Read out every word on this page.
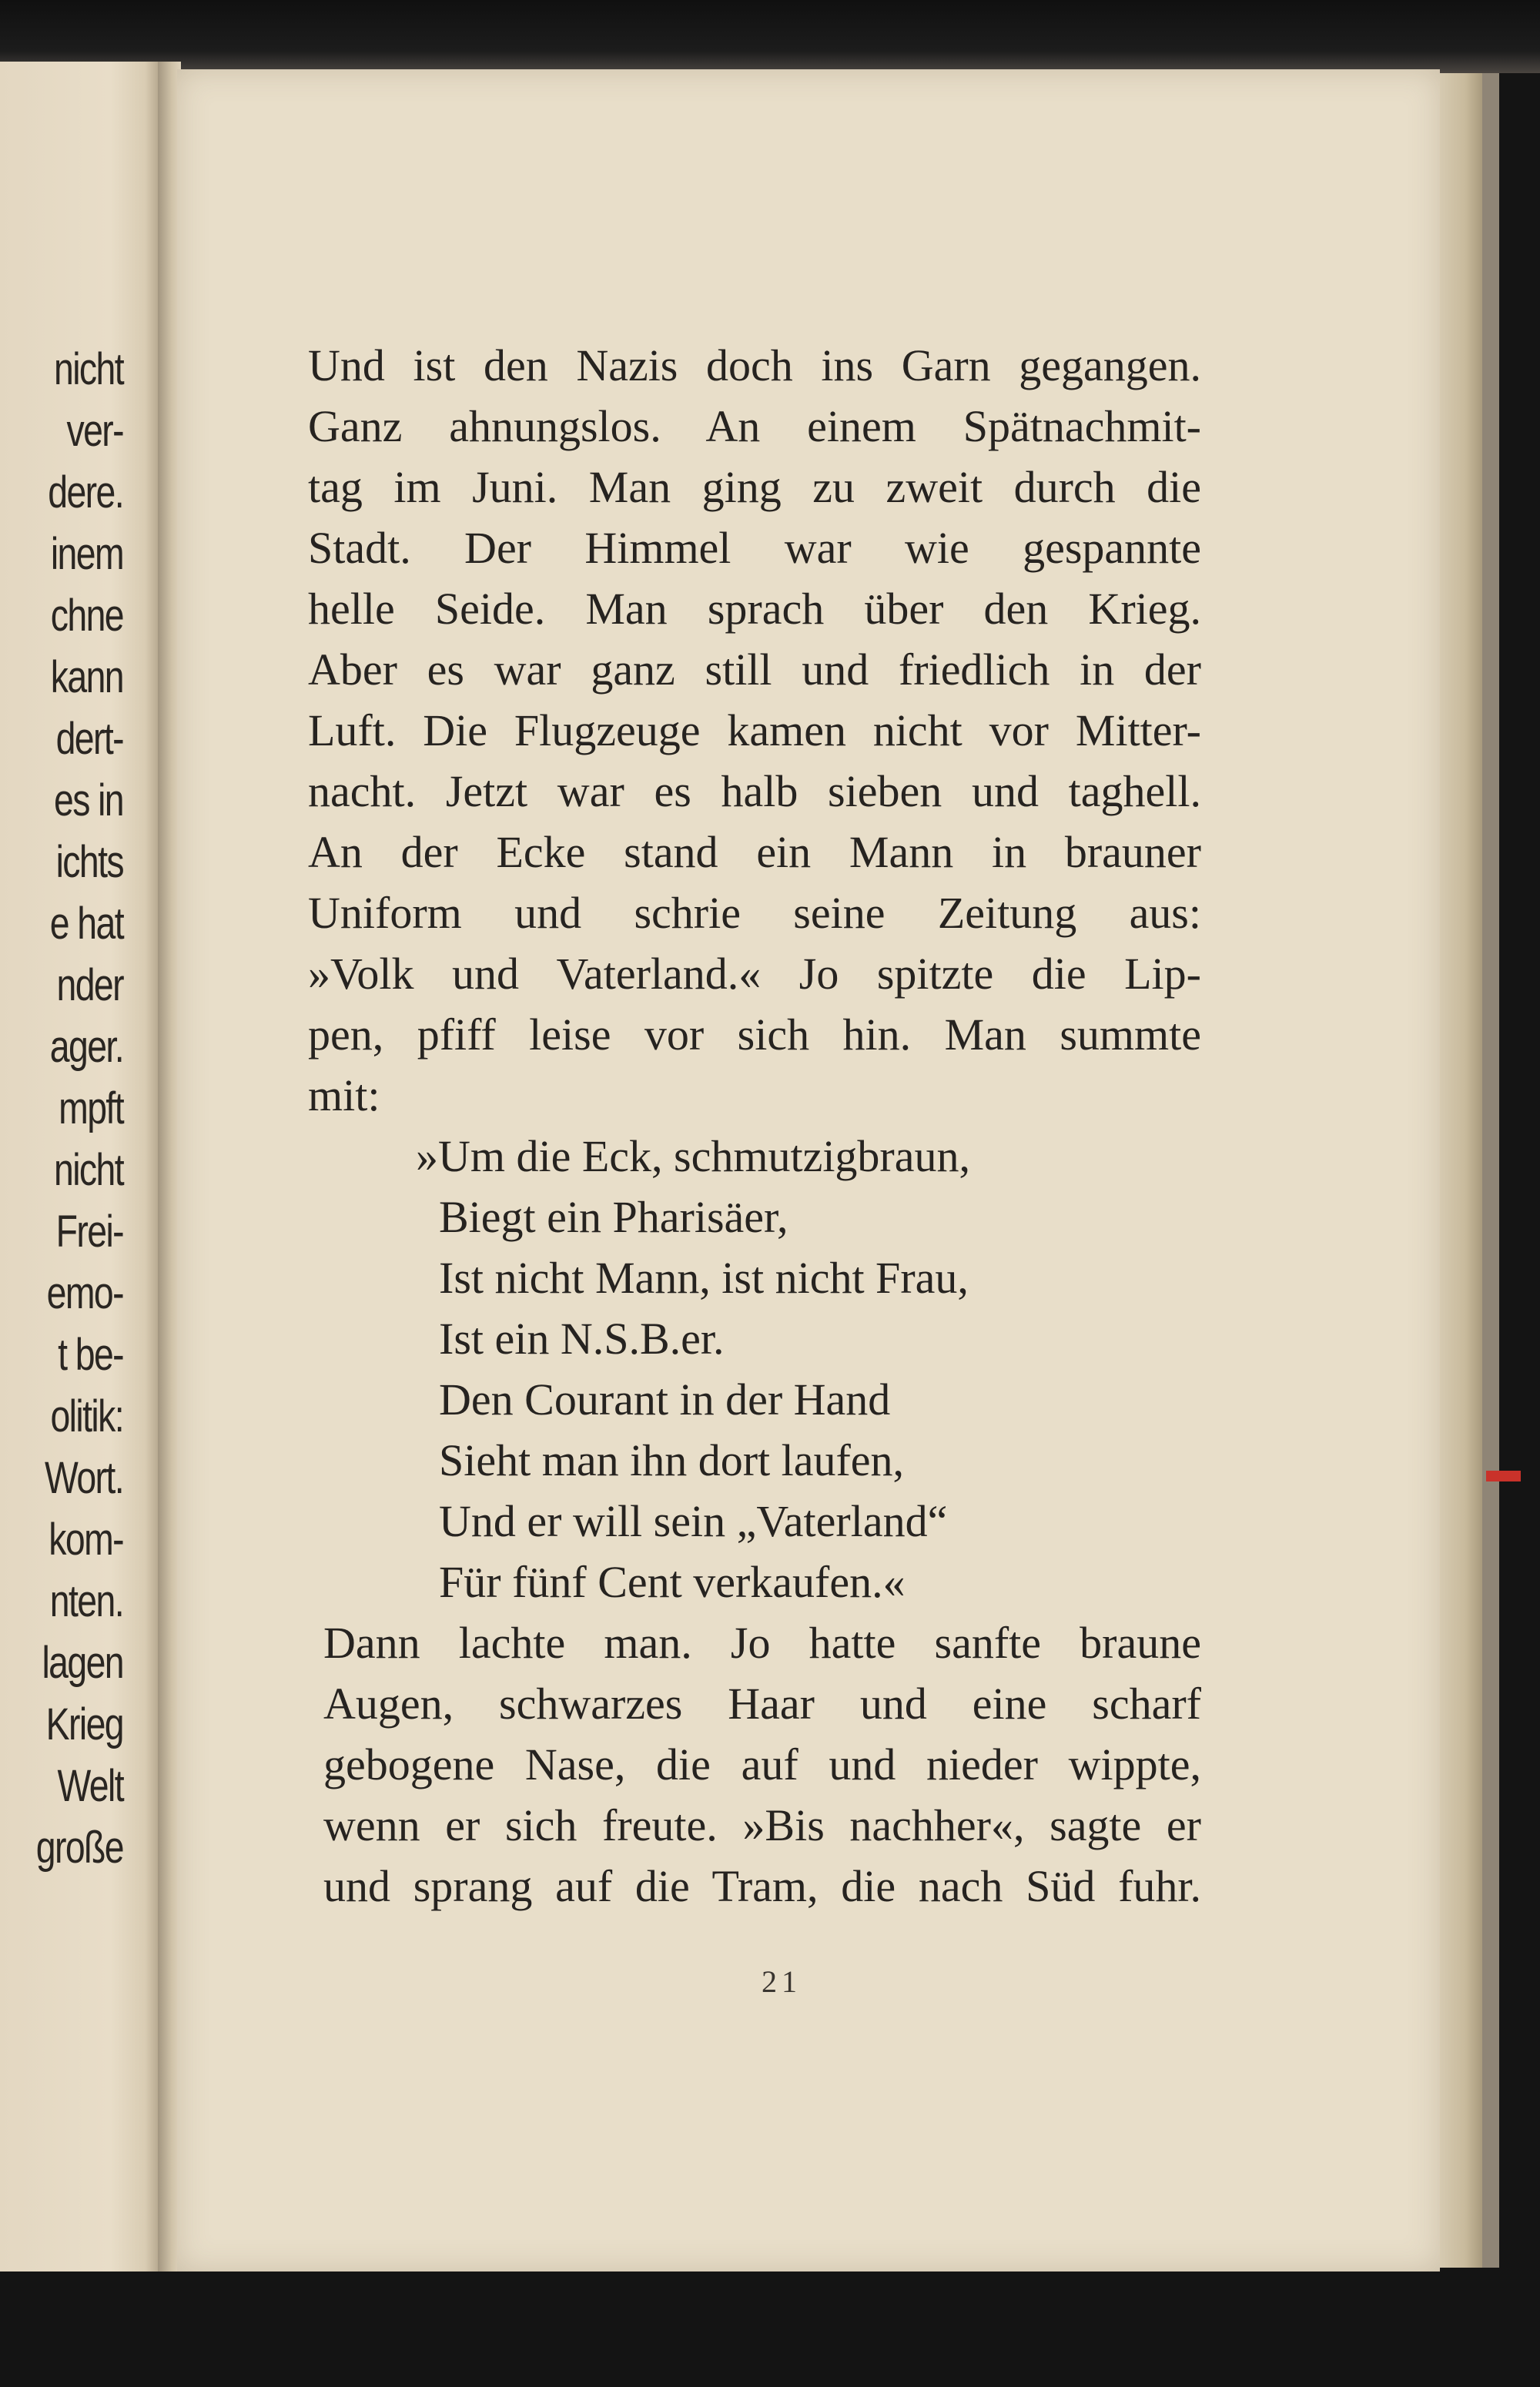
nicht
ver-
dere.
inem
chne
kann
dert-
es in
ichts
e hat
nder
ager.
mpft
nicht
Frei-
emo-
t be-
olitik:
Wort.
kom-
nten.
lagen
Krieg
Welt
große
Und ist den Nazis doch ins Garn gegangen.
Ganz ahnungslos. An einem Spätnachmit-
tag im Juni. Man ging zu zweit durch die
Stadt. Der Himmel war wie gespannte
helle Seide. Man sprach über den Krieg.
Aber es war ganz still und friedlich in der
Luft. Die Flugzeuge kamen nicht vor Mitter-
nacht. Jetzt war es halb sieben und taghell.
An der Ecke stand ein Mann in brauner
Uniform und schrie seine Zeitung aus:
»Volk und Vaterland.« Jo spitzte die Lip-
pen, pfiff leise vor sich hin. Man summte
mit:
»Um die Eck, schmutzigbraun,
Biegt ein Pharisäer,
Ist nicht Mann, ist nicht Frau,
Ist ein N.S.B.er.
Den Courant in der Hand
Sieht man ihn dort laufen,
Und er will sein „Vaterland“
Für fünf Cent verkaufen.«
Dann lachte man. Jo hatte sanfte braune
Augen, schwarzes Haar und eine scharf
gebogene Nase, die auf und nieder wippte,
wenn er sich freute. »Bis nachher«, sagte er
und sprang auf die Tram, die nach Süd fuhr.
21
